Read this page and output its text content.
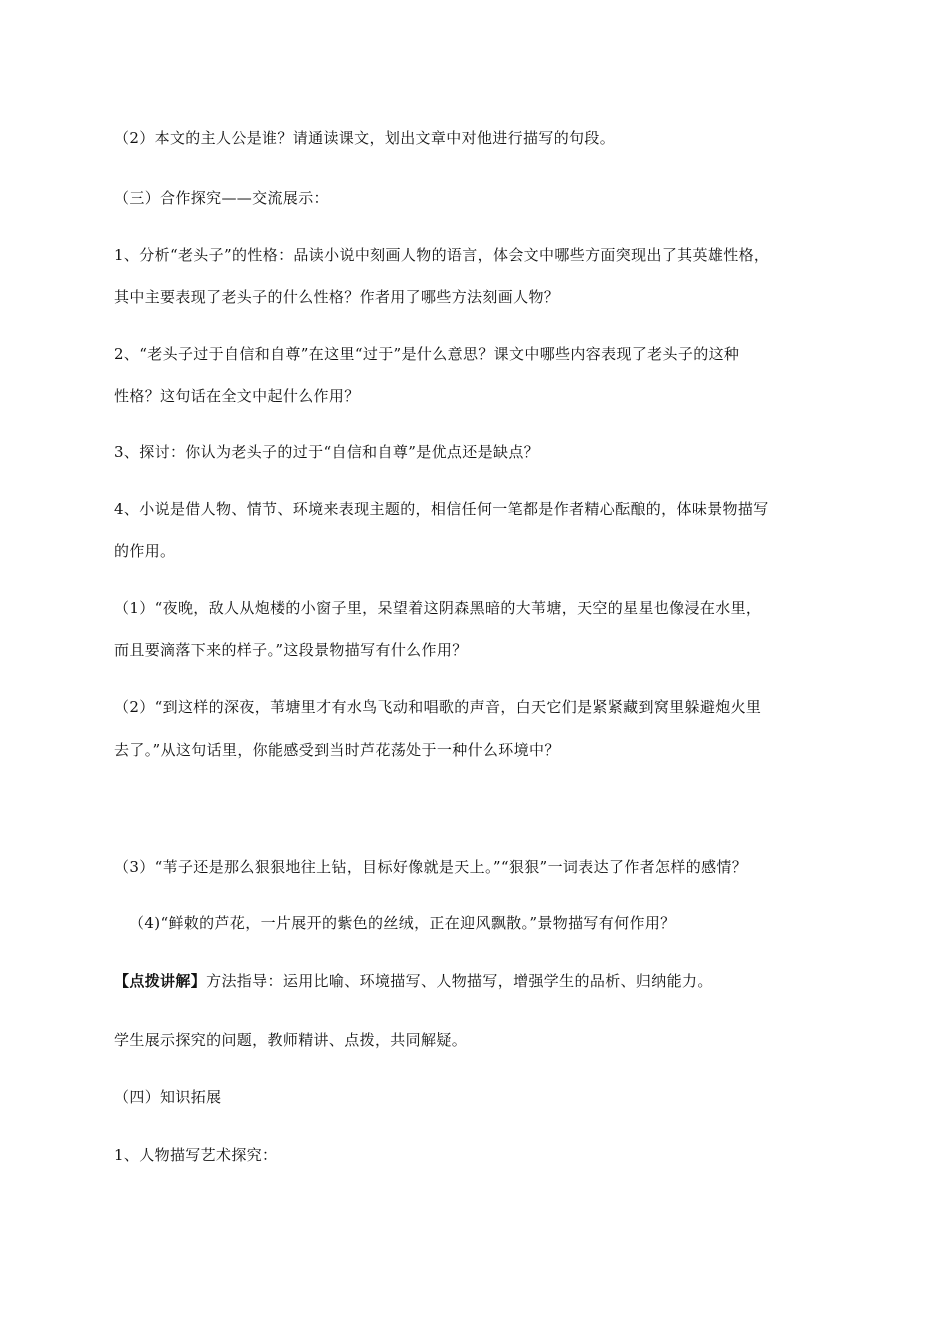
（2）本文的主人公是谁？请通读课文，划出文章中对他进行描写的句段。
（三）合作探究——交流展示：
1、分析“老头子”的性格：品读小说中刻画人物的语言，体会文中哪些方面突现出了其英雄性格，
其中主要表现了老头子的什么性格？作者用了哪些方法刻画人物？
2、“老头子过于自信和自尊”在这里“过于”是什么意思？课文中哪些内容表现了老头子的这种
性格？这句话在全文中起什么作用？
3、探讨：你认为老头子的过于“自信和自尊”是优点还是缺点？
4、小说是借人物、情节、环境来表现主题的，相信任何一笔都是作者精心酝酿的，体味景物描写
的作用。
（1）“夜晚，敌人从炮楼的小窗子里，呆望着这阴森黑暗的大苇塘，天空的星星也像浸在水里，
而且要滴落下来的样子。”这段景物描写有什么作用？
（2）“到这样的深夜，苇塘里才有水鸟飞动和唱歌的声音，白天它们是紧紧藏到窝里躲避炮火里
去了。”从这句话里，你能感受到当时芦花荡处于一种什么环境中？
（3）“苇子还是那么狠狠地往上钻，目标好像就是天上。”“狠狠”一词表达了作者怎样的感情？
（4)“鲜敕的芦花，一片展开的紫色的丝绒，正在迎风飘散。”景物描写有何作用？
【点拨讲解】方法指导：运用比喻、环境描写、人物描写，增强学生的品析、归纳能力。
学生展示探究的问题，教师精讲、点拨，共同解疑。
（四）知识拓展
1、人物描写艺术探究：
